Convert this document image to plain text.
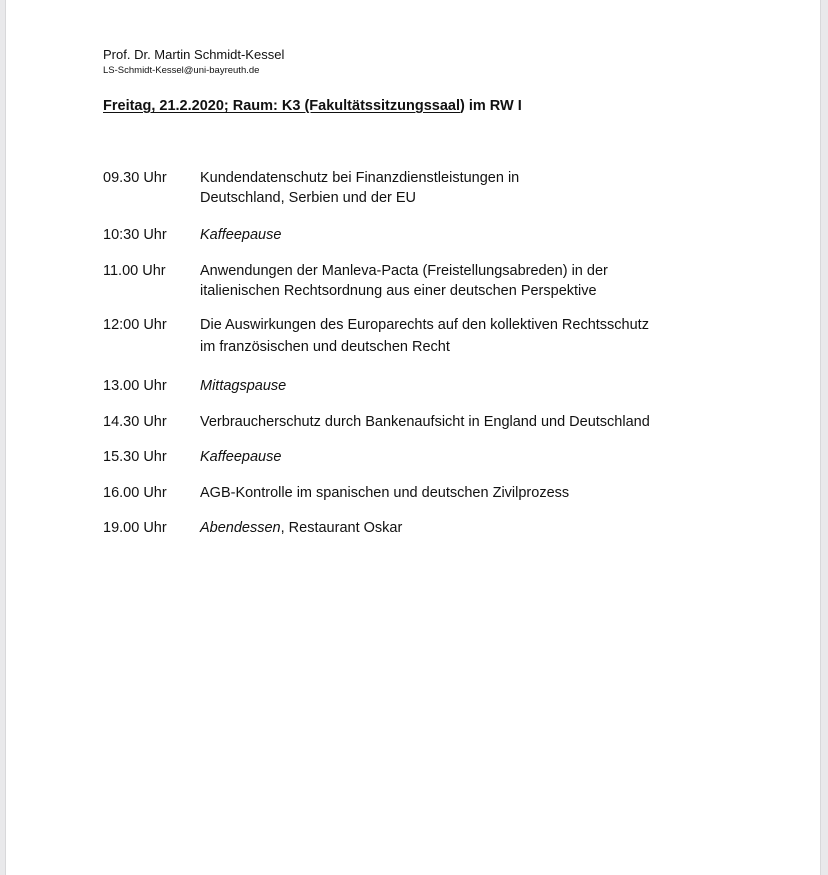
Prof. Dr. Martin Schmidt-Kessel
LS-Schmidt-Kessel@uni-bayreuth.de
Freitag, 21.2.2020; Raum: K3 (Fakultätssitzungssaal) im RW I
09.30 Uhr Kundendatenschutz bei Finanzdienstleistungen in
Deutschland, Serbien und der EU
10:30 Uhr Kaffeepause
11.00 Uhr Anwendungen der Manleva-Pacta (Freistellungsabreden) in der
italienischen Rechtsordnung aus einer deutschen Perspektive
12:00 Uhr Die Auswirkungen des Europarechts auf den kollektiven Rechtsschutz
im französischen und deutschen Recht
13.00 Uhr Mittagspause
14.30 Uhr Verbraucherschutz durch Bankenaufsicht in England und Deutschland
15.30 Uhr Kaffeepause
16.00 Uhr AGB-Kontrolle im spanischen und deutschen Zivilprozess
19.00 Uhr Abendessen, Restaurant Oskar
